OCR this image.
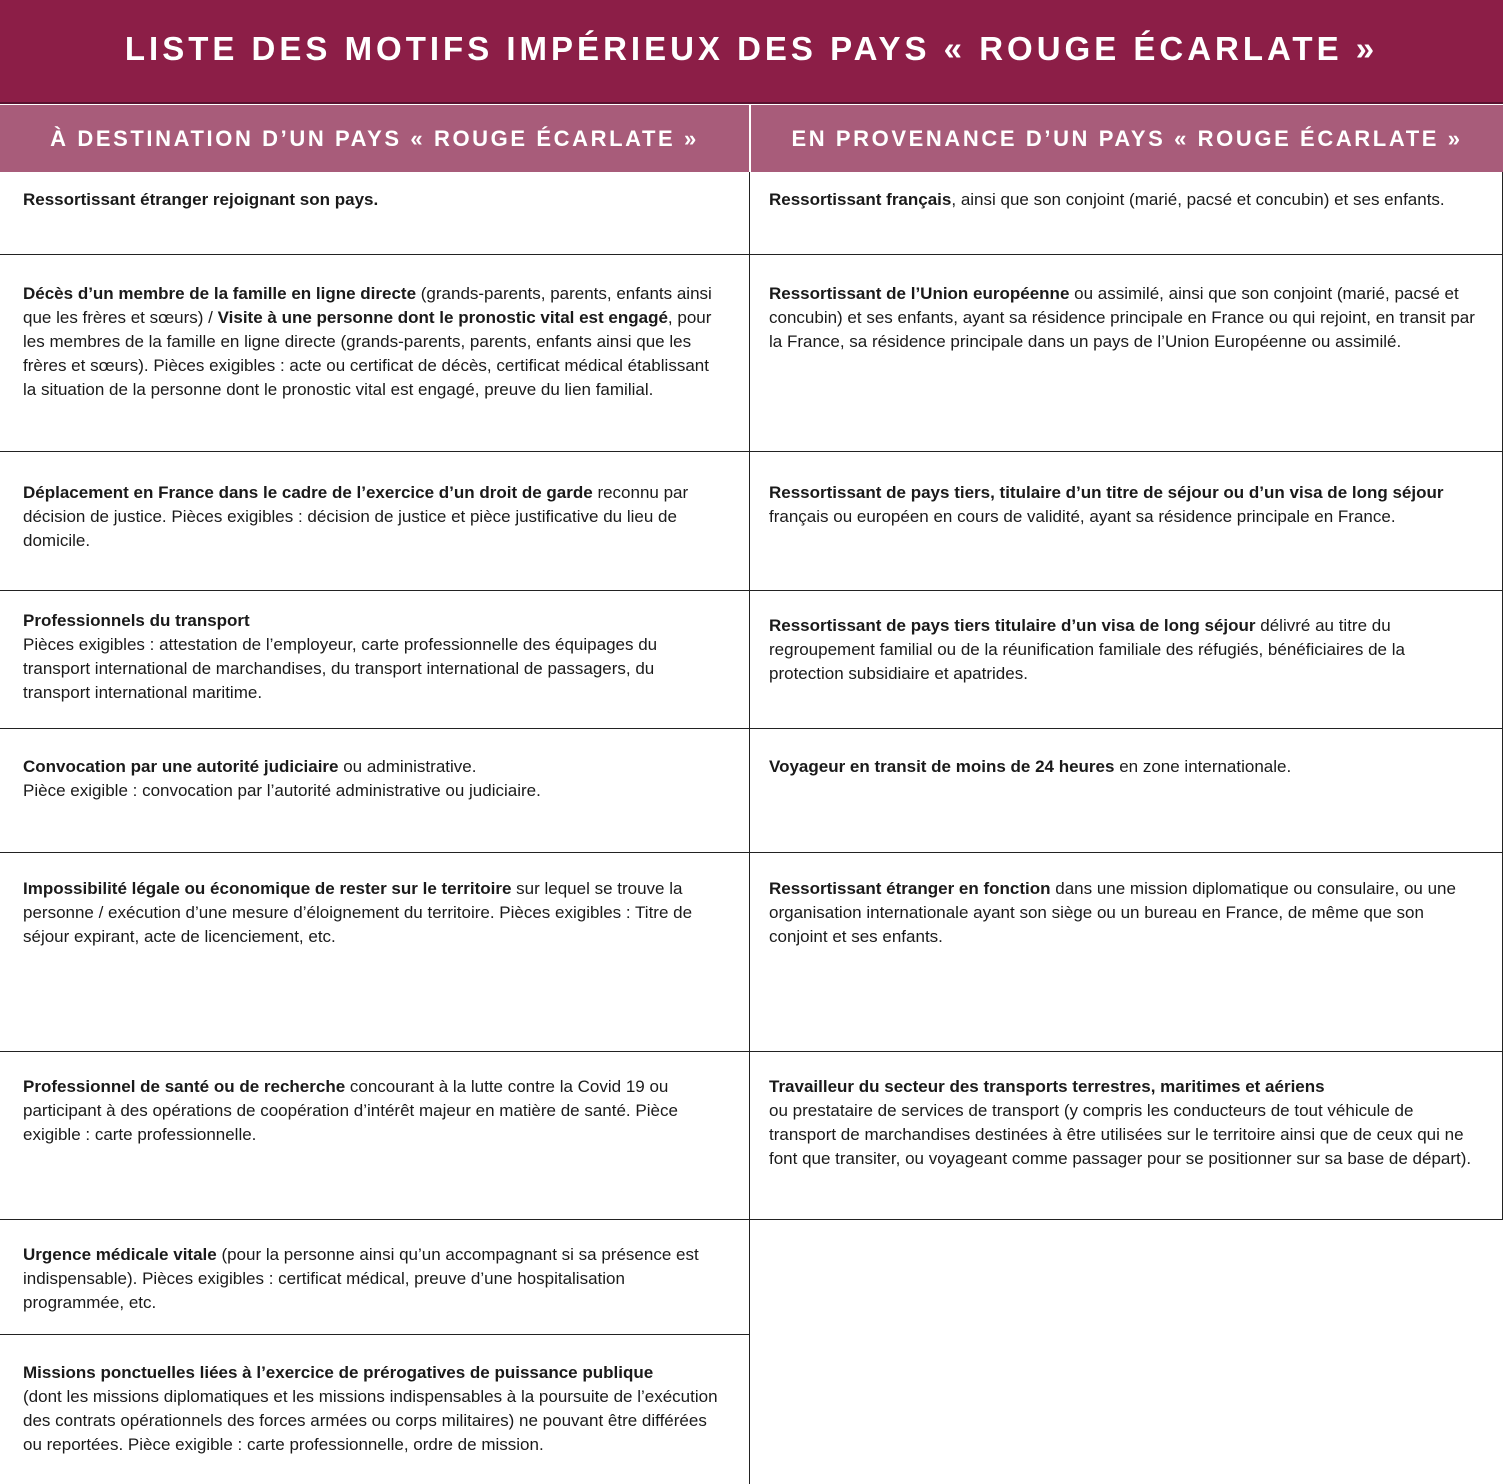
LISTE DES MOTIFS IMPÉRIEUX DES PAYS « ROUGE ÉCARLATE »
À DESTINATION D’UN PAYS « ROUGE ÉCARLATE »	EN PROVENANCE D’UN PAYS « ROUGE ÉCARLATE »
Ressortissant étranger rejoignant son pays.
Décès d’un membre de la famille en ligne directe (grands-parents, parents, enfants ainsi que les frères et sœurs) / Visite à une personne dont le pronostic vital est engagé, pour les membres de la famille en ligne directe (grands-parents, parents, enfants ainsi que les frères et sœurs). Pièces exigibles : acte ou certificat de décès, certificat médical établissant la situation de la personne dont le pronostic vital est engagé, preuve du lien familial.
Déplacement en France dans le cadre de l’exercice d’un droit de garde reconnu par décision de justice. Pièces exigibles : décision de justice et pièce justificative du lieu de domicile.
Professionnels du transport
Pièces exigibles : attestation de l’employeur, carte professionnelle des équipages du transport international de marchandises, du transport international de passagers, du transport international maritime.
Convocation par une autorité judiciaire ou administrative.
Pièce exigible : convocation par l’autorité administrative ou judiciaire.
Impossibilité légale ou économique de rester sur le territoire sur lequel se trouve la personne / exécution d’une mesure d’éloignement du territoire. Pièces exigibles : Titre de séjour expirant, acte de licenciement, etc.
Professionnel de santé ou de recherche concourant à la lutte contre la Covid 19 ou participant à des opérations de coopération d’intérêt majeur en matière de santé. Pièce exigible : carte professionnelle.
Urgence médicale vitale (pour la personne ainsi qu’un accompagnant si sa présence est indispensable). Pièces exigibles : certificat médical, preuve d’une hospitalisation programmée, etc.
Missions ponctuelles liées à l’exercice de prérogatives de puissance publique
(dont les missions diplomatiques et les missions indispensables à la poursuite de l’exécution des contrats opérationnels des forces armées ou corps militaires) ne pouvant être différées ou reportées. Pièce exigible : carte professionnelle, ordre de mission.
Ressortissant français, ainsi que son conjoint (marié, pacsé et concubin) et ses enfants.
Ressortissant de l’Union européenne ou assimilé, ainsi que son conjoint (marié, pacsé et concubin) et ses enfants, ayant sa résidence principale en France ou qui rejoint, en transit par la France, sa résidence principale dans un pays de l’Union Européenne ou assimilé.
Ressortissant de pays tiers, titulaire d’un titre de séjour ou d’un visa de long séjour français ou européen en cours de validité, ayant sa résidence principale en France.
Ressortissant de pays tiers titulaire d’un visa de long séjour délivré au titre du regroupement familial ou de la réunification familiale des réfugiés, bénéficiaires de la protection subsidiaire et apatrides.
Voyageur en transit de moins de 24 heures en zone internationale.
Ressortissant étranger en fonction dans une mission diplomatique ou consulaire, ou une organisation internationale ayant son siège ou un bureau en France, de même que son conjoint et ses enfants.
Travailleur du secteur des transports terrestres, maritimes et aériens
ou prestataire de services de transport (y compris les conducteurs de tout véhicule de transport de marchandises destinées à être utilisées sur le territoire ainsi que de ceux qui ne font que transiter, ou voyageant comme passager pour se positionner sur sa base de départ).
